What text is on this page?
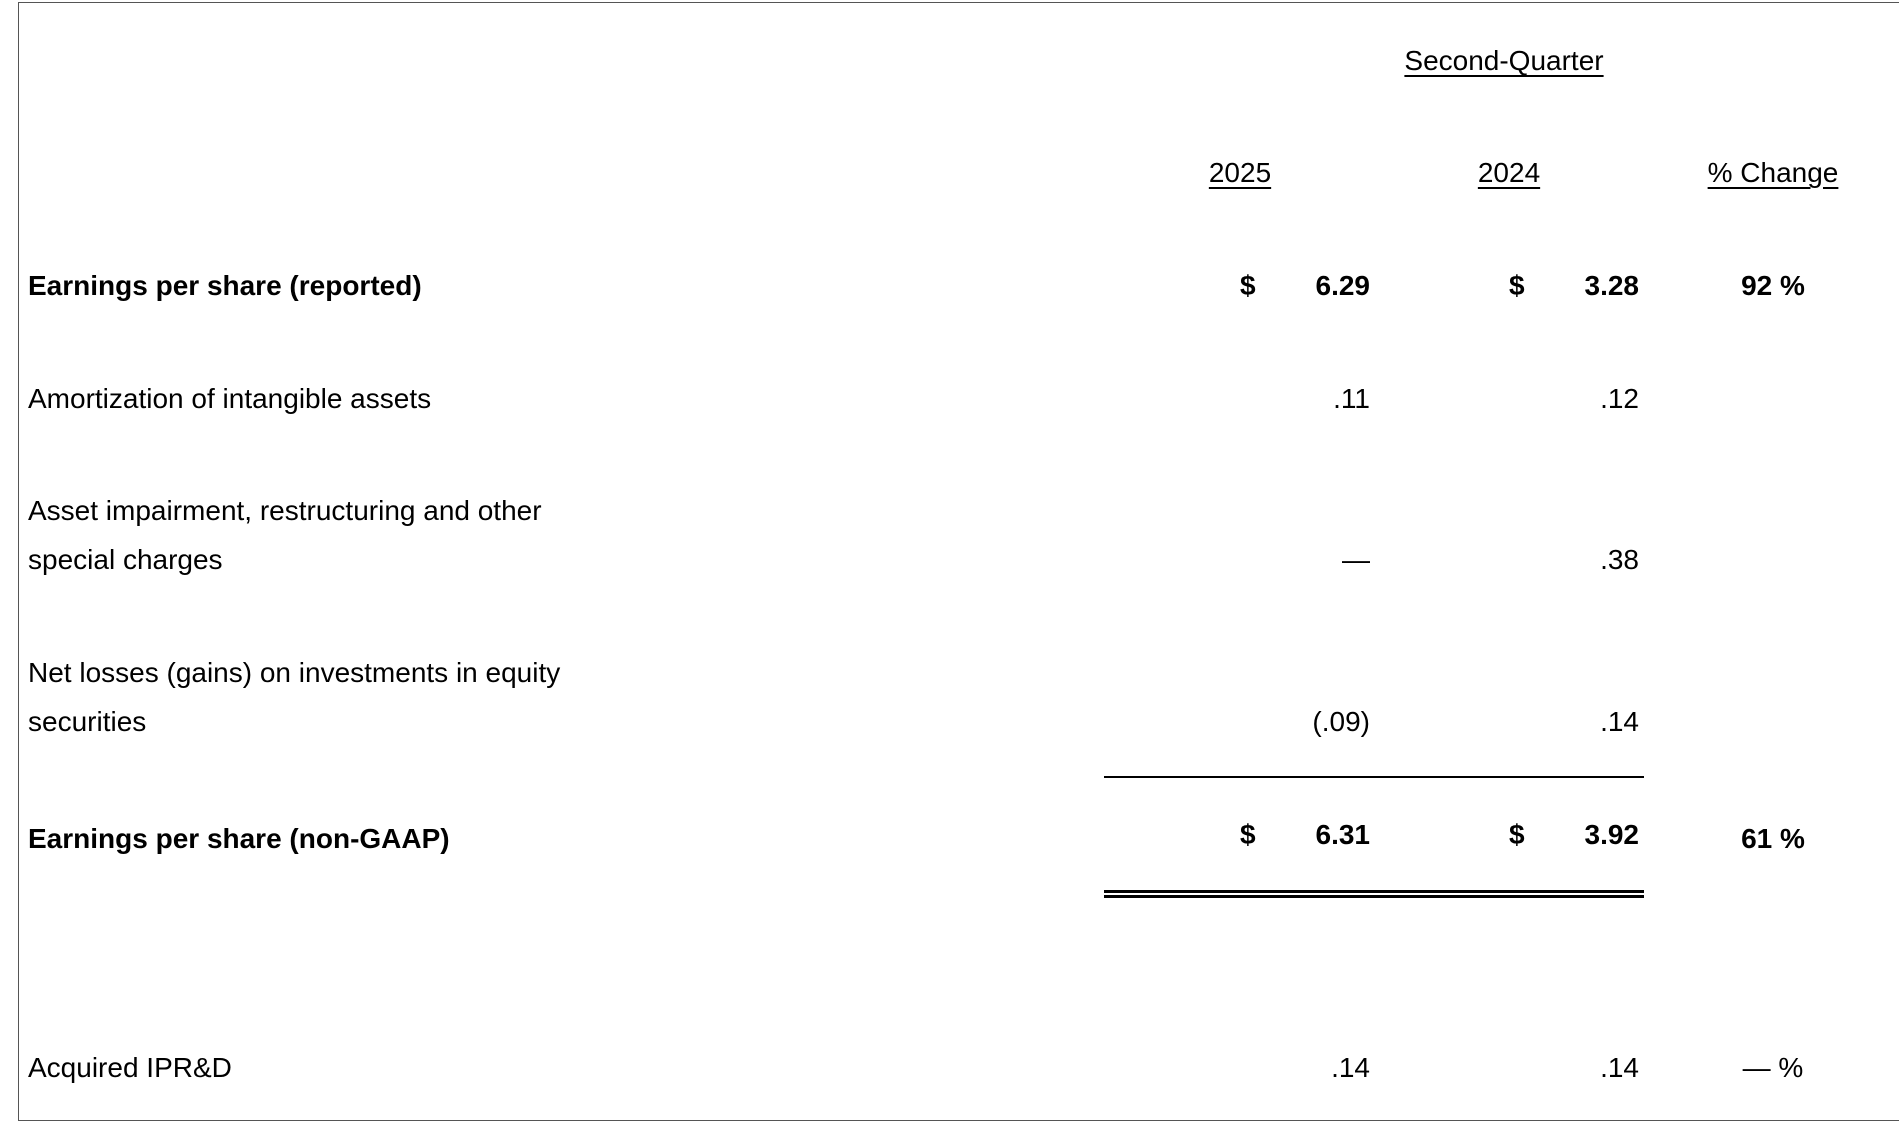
Second-Quarter
2025	2024	% Change
Earnings per share (reported)	$ 6.29	$ 3.28	92 %
Amortization of intangible assets	.11	.12
Asset impairment, restructuring and other
special charges	—	.38
Net losses (gains) on investments in equity
securities	(.09)	.14
Earnings per share (non-GAAP)	$ 6.31	$ 3.92	61 %
Acquired IPR&D	.14	.14	— %
